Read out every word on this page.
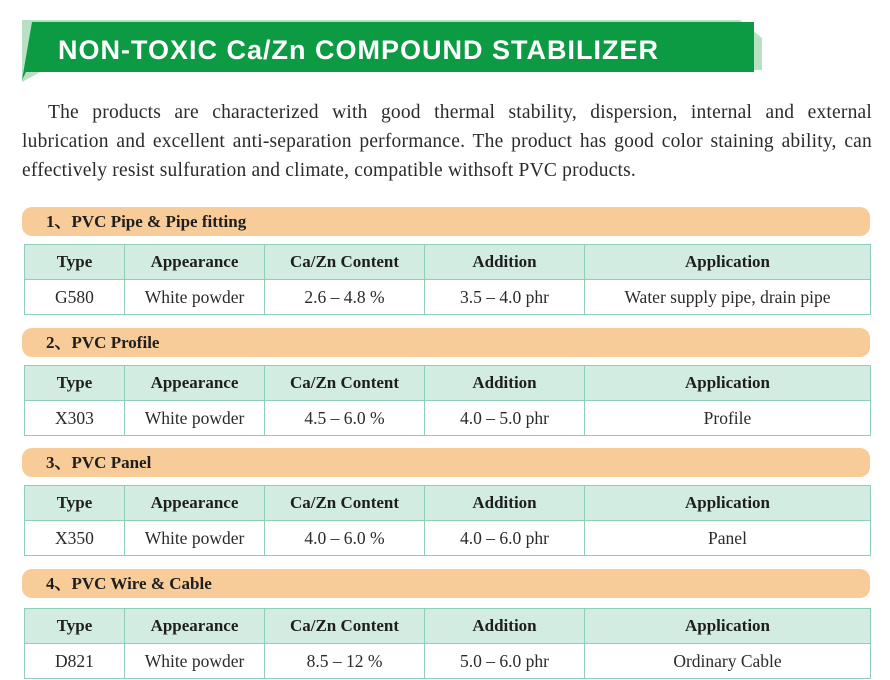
NON-TOXIC Ca/Zn COMPOUND STABILIZER

The products are characterized with good thermal stability, dispersion, internal and external lubrication and excellent anti-separation performance. The product has good color staining ability, can effectively resist sulfuration and climate, compatible withsoft PVC products.

1、PVC Pipe & Pipe fitting
Type	Appearance	Ca/Zn Content	Addition	Application
G580	White powder	2.6 – 4.8 %	3.5 – 4.0 phr	Water supply pipe, drain pipe
2、PVC Profile
Type	Appearance	Ca/Zn Content	Addition	Application
X303	White powder	4.5 – 6.0 %	4.0 – 5.0 phr	Profile
3、PVC Panel
Type	Appearance	Ca/Zn Content	Addition	Application
X350	White powder	4.0 – 6.0 %	4.0 – 6.0 phr	Panel
4、PVC Wire & Cable
Type	Appearance	Ca/Zn Content	Addition	Application
D821	White powder	8.5 – 12 %	5.0 – 6.0 phr	Ordinary Cable
